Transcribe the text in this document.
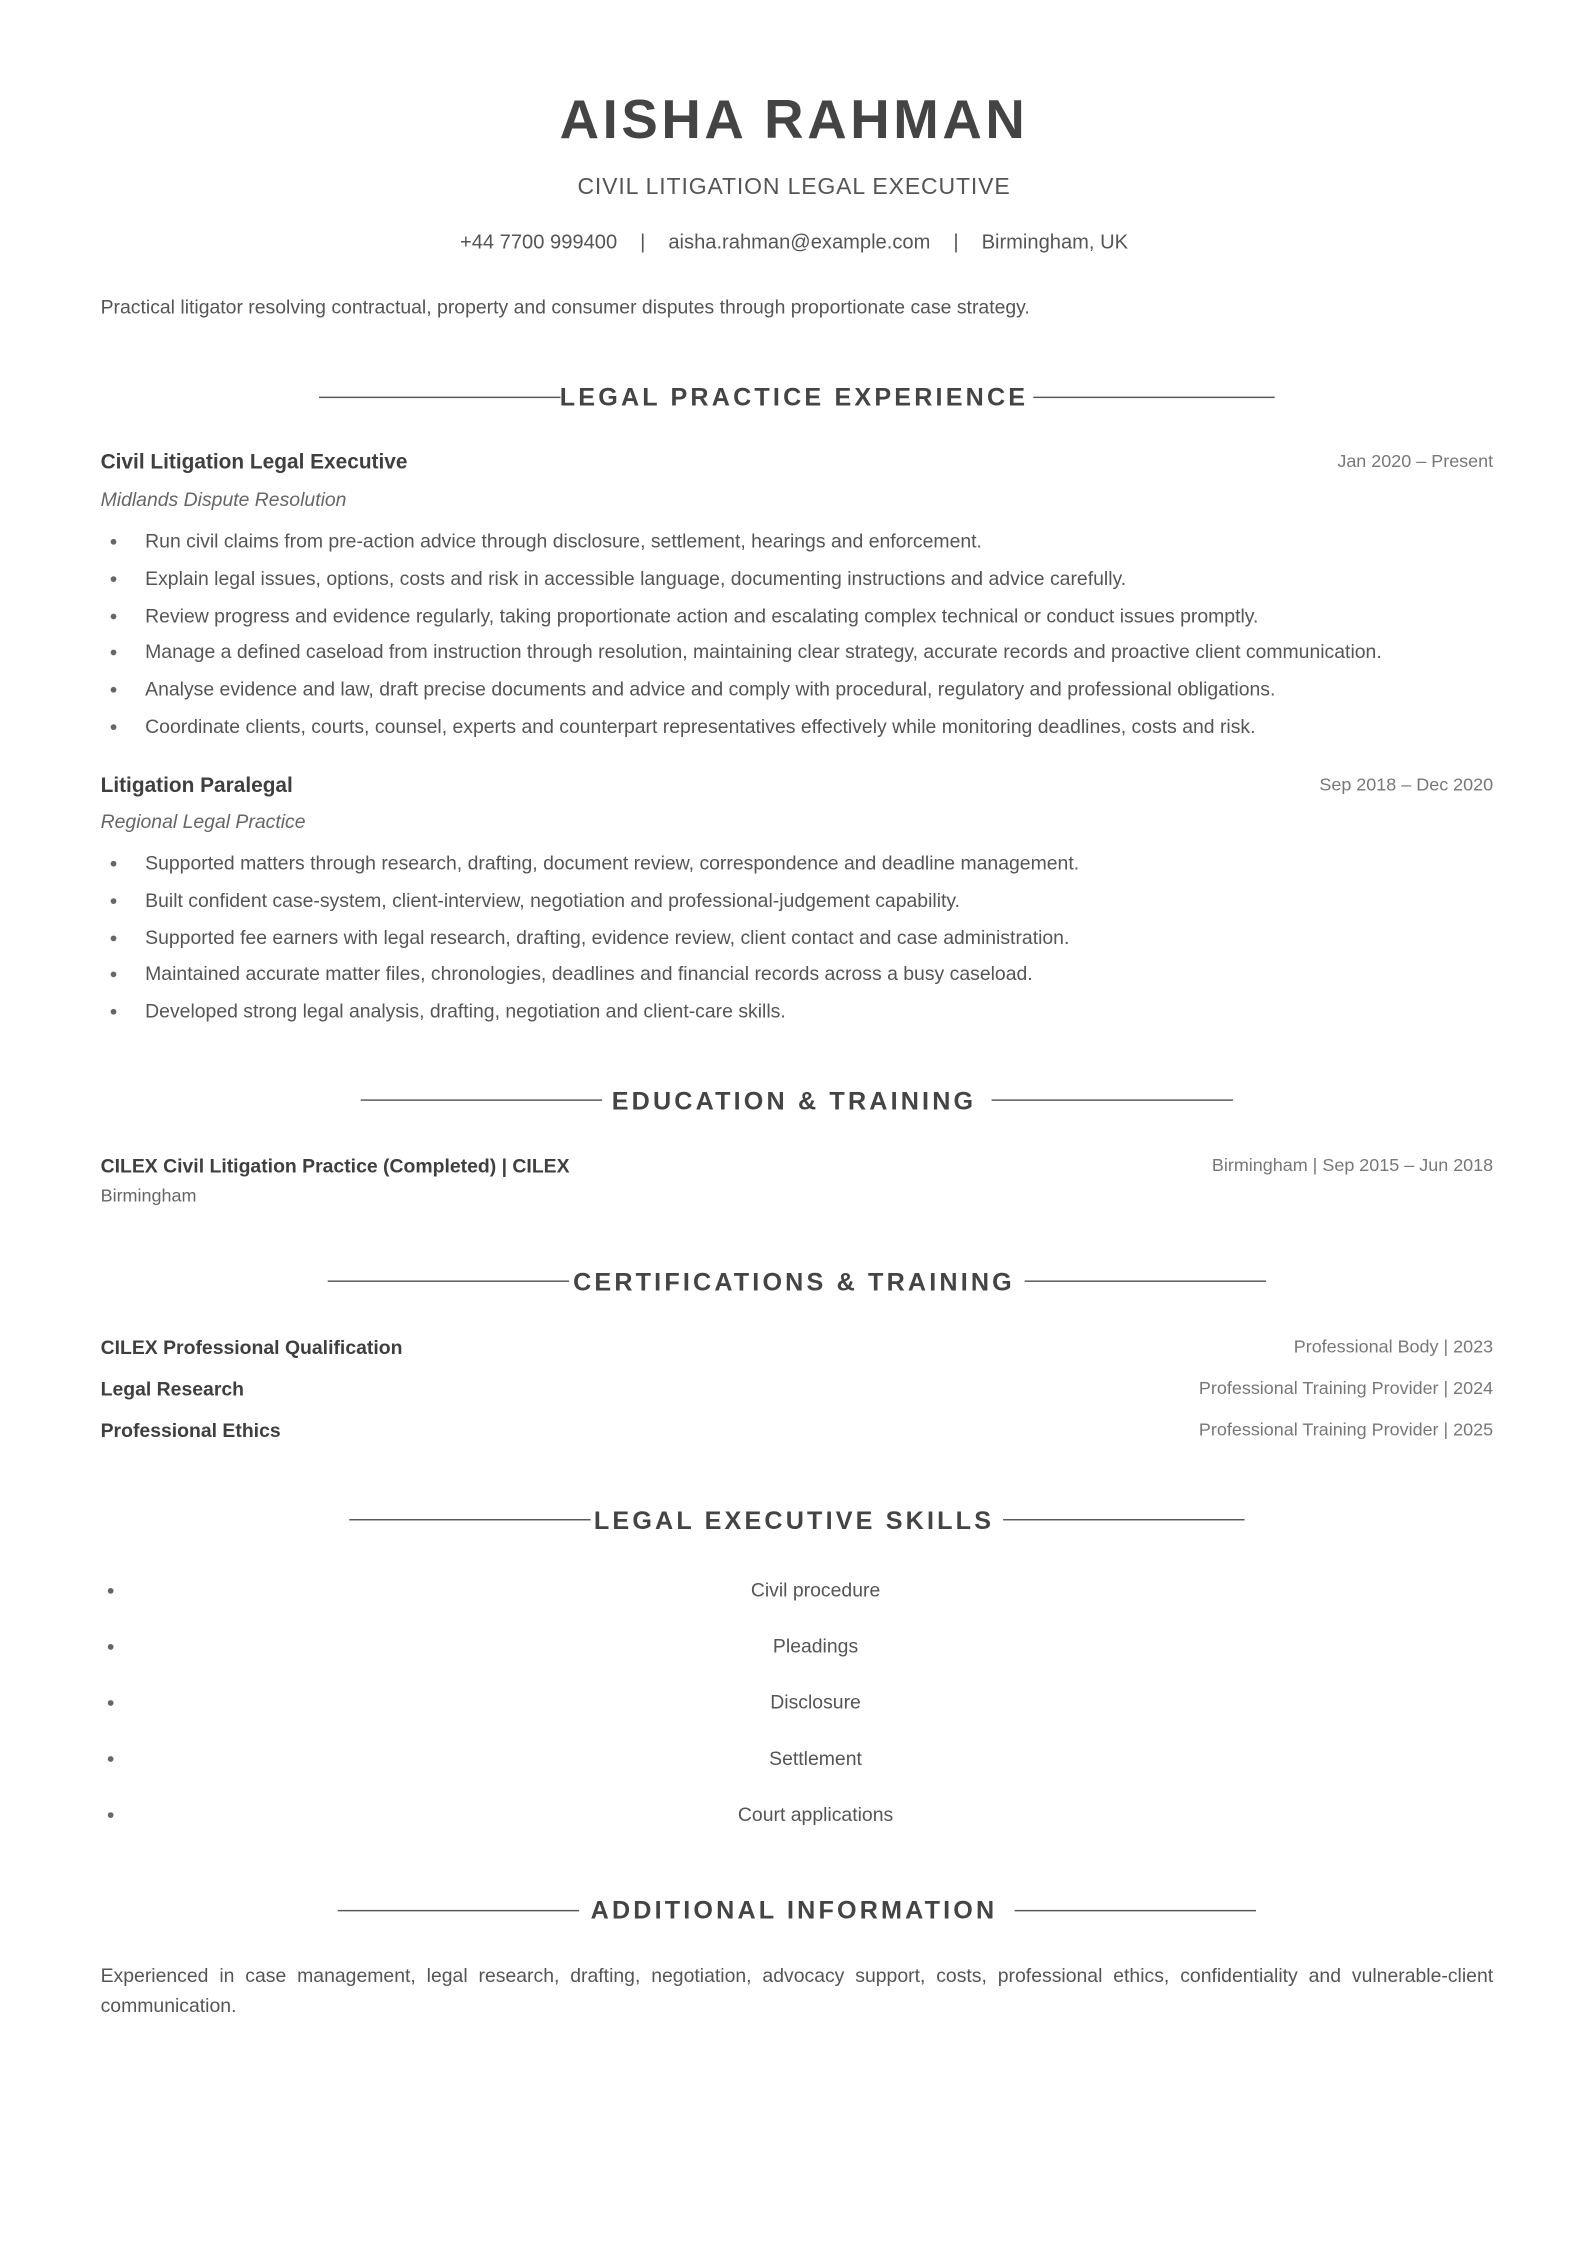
AISHA RAHMAN
CIVIL LITIGATION LEGAL EXECUTIVE
+44 7700 999400 | aisha.rahman@example.com | Birmingham, UK
Practical litigator resolving contractual, property and consumer disputes through proportionate case strategy.
LEGAL PRACTICE EXPERIENCE
Civil Litigation Legal Executive	Jan 2020 – Present
Midlands Dispute Resolution
Run civil claims from pre-action advice through disclosure, settlement, hearings and enforcement.
Explain legal issues, options, costs and risk in accessible language, documenting instructions and advice carefully.
Review progress and evidence regularly, taking proportionate action and escalating complex technical or conduct issues promptly.
Manage a defined caseload from instruction through resolution, maintaining clear strategy, accurate records and proactive client communication.
Analyse evidence and law, draft precise documents and advice and comply with procedural, regulatory and professional obligations.
Coordinate clients, courts, counsel, experts and counterpart representatives effectively while monitoring deadlines, costs and risk.
Litigation Paralegal	Sep 2018 – Dec 2020
Regional Legal Practice
Supported matters through research, drafting, document review, correspondence and deadline management.
Built confident case-system, client-interview, negotiation and professional-judgement capability.
Supported fee earners with legal research, drafting, evidence review, client contact and case administration.
Maintained accurate matter files, chronologies, deadlines and financial records across a busy caseload.
Developed strong legal analysis, drafting, negotiation and client-care skills.
EDUCATION & TRAINING
CILEX Civil Litigation Practice (Completed) | CILEX	Birmingham | Sep 2015 – Jun 2018
Birmingham
CERTIFICATIONS & TRAINING
CILEX Professional Qualification	Professional Body | 2023
Legal Research	Professional Training Provider | 2024
Professional Ethics	Professional Training Provider | 2025
LEGAL EXECUTIVE SKILLS
Civil procedure
Pleadings
Disclosure
Settlement
Court applications
ADDITIONAL INFORMATION
Experienced in case management, legal research, drafting, negotiation, advocacy support, costs, professional ethics, confidentiality and vulnerable-client communication.
